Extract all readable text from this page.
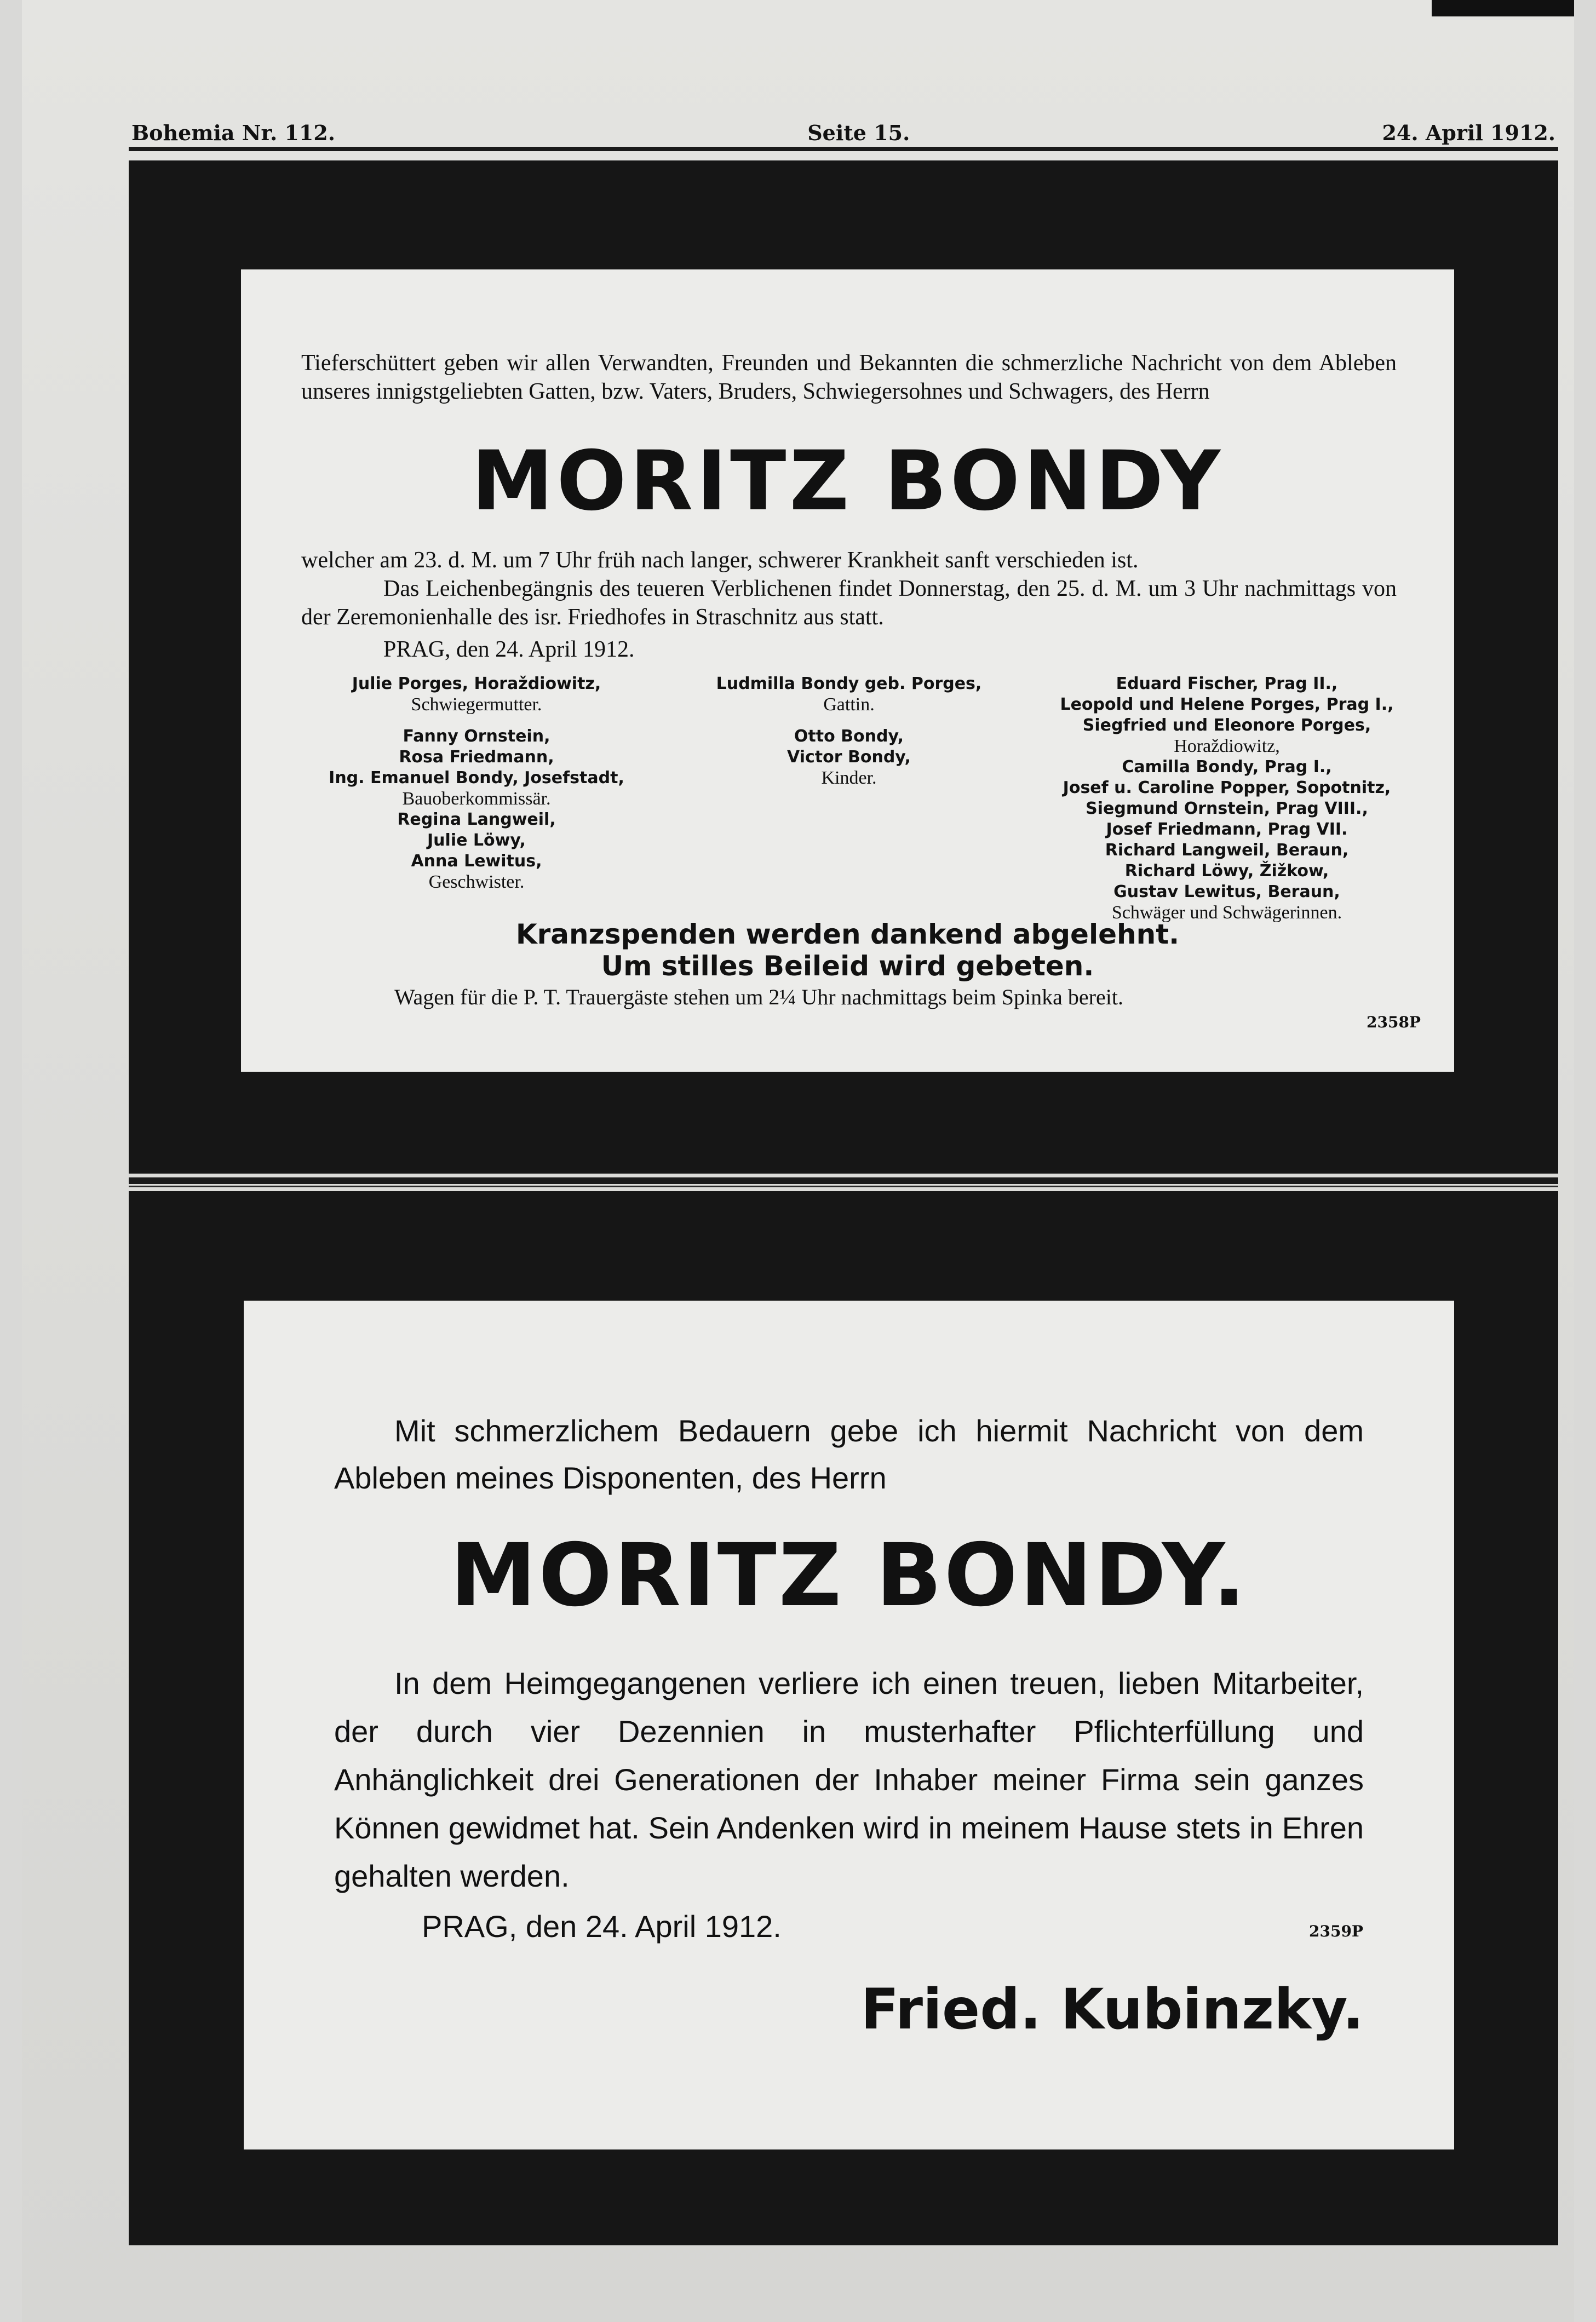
Bohemia Nr. 112.	Seite 15.	24. April 1912.
Tieferschüttert geben wir allen Verwandten, Freunden und Bekannten die schmerzliche Nachricht von dem Ableben unseres innigstgeliebten Gatten, bzw. Vaters, Bruders, Schwiegersohnes und Schwagers, des Herrn
MORITZ BONDY

welcher am 23. d. M. um 7 Uhr früh nach langer, schwerer Krankheit sanft verschieden ist.

Das Leichenbegängnis des teueren Verblichenen findet Donnerstag, den 25. d. M. um 3 Uhr nachmittags von der Zeremonienhalle des isr. Friedhofes in Straschnitz aus statt.

PRAG, den 24. April 1912.
Julie Porges, Horaždiowitz,
Schwiegermutter.
Fanny Ornstein,
Rosa Friedmann,
Ing. Emanuel Bondy, Josefstadt,
Bauoberkommissär.
Regina Langweil,
Julie Löwy,
Anna Lewitus,
Geschwister.
Ludmilla Bondy geb. Porges,
Gattin.
Otto Bondy,
Victor Bondy,
Kinder.
Eduard Fischer, Prag II.,
Leopold und Helene Porges, Prag I.,
Siegfried und Eleonore Porges,
Horaždiowitz,
Camilla Bondy, Prag I.,
Josef u. Caroline Popper, Sopotnitz,
Siegmund Ornstein, Prag VIII.,
Josef Friedmann, Prag VII.
Richard Langweil, Beraun,
Richard Löwy, Žižkow,
Gustav Lewitus, Beraun,
Schwäger und Schwägerinnen.
Kranzspenden werden dankend abgelehnt.
Um stilles Beileid wird gebeten.
Wagen für die P. T. Trauergäste stehen um 2¼ Uhr nachmittags beim Spinka bereit.
2358P
Mit schmerzlichem Bedauern gebe ich hiermit Nachricht von dem Ableben meines Disponenten, des Herrn
MORITZ BONDY.
In dem Heimgegangenen verliere ich einen treuen, lieben Mitarbeiter, der durch vier Dezennien in musterhafter Pflichterfüllung und Anhänglichkeit drei Generationen der Inhaber meiner Firma sein ganzes Können gewidmet hat. Sein Andenken wird in meinem Hause stets in Ehren gehalten werden.
PRAG, den 24. April 1912.	2359P
Fried. Kubinzky.
